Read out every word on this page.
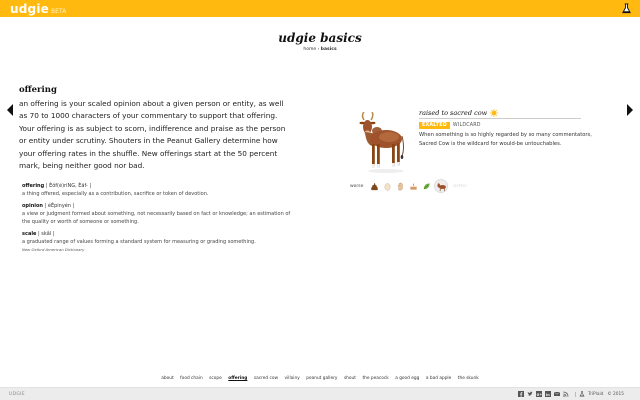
udgie BETA
udgie basics
home › basics
offering

an offering is your scaled opinion about a given person or entity, as well as 70 to 1000 characters of your commentary to support that offering. Your offering is as subject to scorn, indifference and praise as the person or entity under scrutiny. Shouters in the Peanut Gallery determine how your offering rates in the shuffle. New offerings start at the 50 percent mark, being neither good nor bad.

offering | Èôf(é)riNG, Èäf- |
a thing offered, especially as a contribution, sacrifice or token of devotion.
opinion | éÈpinyén |
a view or judgment formed about something, not necessarily based on fact or knowledge; an estimation of the quality or worth of someone or something.
scale | skâl |
a graduated range of values forming a standard system for measuring or grading something.
New Oxford American Dictionary
raised to sacred cow
EXALTED	WILDCARD

When something is so highly regarded by so many commentators, Sacred Cow is the wildcard for would-be untouchables.

worse	better
about food chain scope offering sacred cow villainy peanut gallery shout the peacock a good egg a bad apple the skunk
UDGIE	g+ in	TriPlaid © 2015
